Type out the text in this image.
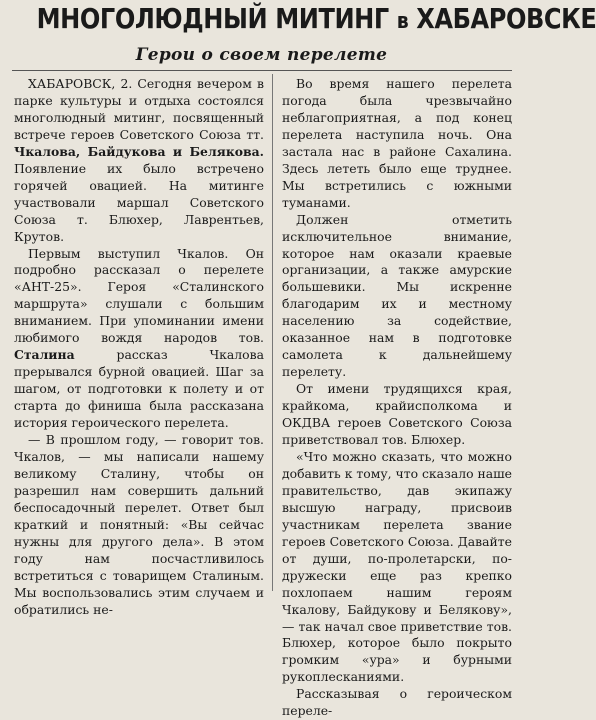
МНОГОЛЮДНЫЙ МИТИНГ в ХАБАРОВСКЕ
Герои о своем перелете

ХАБАРОВСК, 2. Сегодня вечером в парке культуры и отдыха состоялся многолюдный митинг, посвященный встрече героев Советского Союза тт. Чкалова, Байдукова и Белякова. Появление их было встречено горячей овацией. На митинге участвовали маршал Советского Союза т. Блюхер, Лаврентьев, Крутов.

Первым выступил Чкалов. Он подробно рассказал о перелете «АНТ-25». Героя «Сталинского маршрута» слушали с большим вниманием. При упоминании имени любимого вождя народов тов. Сталина рассказ Чкалова прерывался бурной овацией. Шаг за шагом, от подготовки к полету и от старта до финиша была рассказана история героического перелета.

— В прошлом году, — говорит тов. Чкалов, — мы написали нашему великому Сталину, чтобы он разрешил нам совершить дальний беспосадочный перелет. Ответ был краткий и понятный: «Вы сейчас нужны для другого дела». В этом году нам посчастливилось встретиться с товарищем Сталиным. Мы воспользовались этим случаем и обратились не-

Во время нашего перелета погода была чрезвычайно неблагоприятная, а под конец перелета наступила ночь. Она застала нас в районе Сахалина. Здесь лететь было еще труднее. Мы встретились с южными туманами.

Должен отметить исключительное внимание, которое нам оказали краевые организации, а также амурские большевики. Мы искренне благодарим их и местному населению за содействие, оказанное нам в подготовке самолета к дальнейшему перелету.

От имени трудящихся края, крайкома, крайисполкома и ОКДВА героев Советского Союза приветствовал тов. Блюхер.

«Что можно сказать, что можно добавить к тому, что сказало наше правительство, дав экипажу высшую награду, присвоив участникам перелета звание героев Советского Союза. Давайте от души, по-пролетарски, по-дружески еще раз крепко похлопаем нашим героям Чкалову, Байдукову и Белякову», — так начал свое приветствие тов. Блюхер, которое было покрыто громким «ура» и бурными рукоплесканиями.

Рассказывая о героическом переле-
